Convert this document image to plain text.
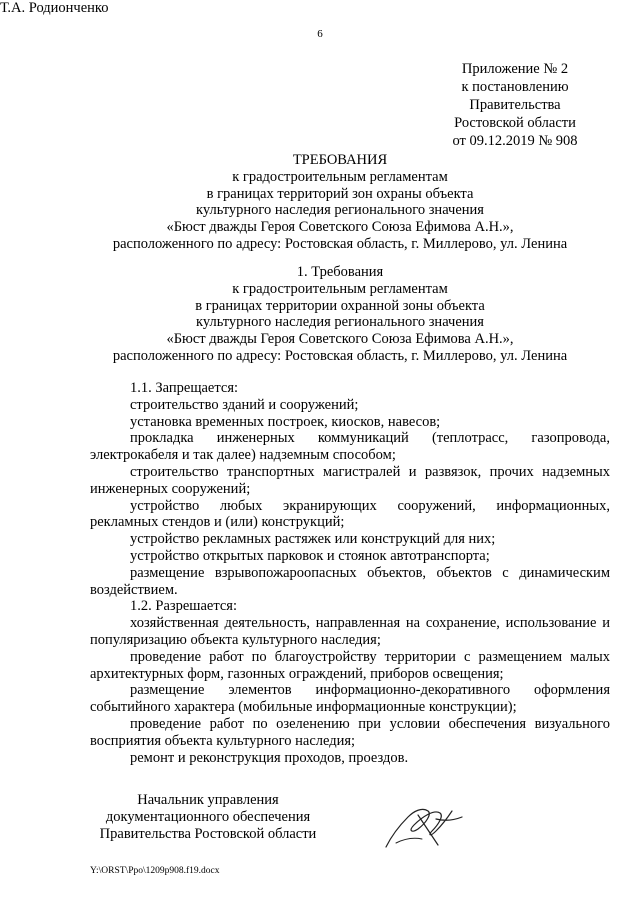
6
Приложение № 2
к постановлению
Правительства
Ростовской области
от 09.12.2019 № 908
ТРЕБОВАНИЯ
к градостроительным регламентам
в границах территорий зон охраны объекта
культурного наследия регионального значения
«Бюст дважды Героя Советского Союза Ефимова А.Н.»,
расположенного по адресу: Ростовская область, г. Миллерово, ул. Ленина
1. Требования
к градостроительным регламентам
в границах территории охранной зоны объекта
культурного наследия регионального значения
«Бюст дважды Героя Советского Союза Ефимова А.Н.»,
расположенного по адресу: Ростовская область, г. Миллерово, ул. Ленина

1.1. Запрещается:

строительство зданий и сооружений;

установка временных построек, киосков, навесов;

прокладка инженерных коммуникаций (теплотрасс, газопровода, электрокабеля и так далее) надземным способом;

строительство транспортных магистралей и развязок, прочих надземных инженерных сооружений;

устройство любых экранирующих сооружений, информационных, рекламных стендов и (или) конструкций;

устройство рекламных растяжек или конструкций для них;

устройство открытых парковок и стоянок автотранспорта;

размещение взрывопожароопасных объектов, объектов с динамическим воздействием.

1.2. Разрешается:

хозяйственная деятельность, направленная на сохранение, использование и популяризацию объекта культурного наследия;

проведение работ по благоустройству территории с размещением малых архитектурных форм, газонных ограждений, приборов освещения;

размещение элементов информационно-декоративного оформления событийного характера (мобильные информационные конструкции);

проведение работ по озеленению при условии обеспечения визуального восприятия объекта культурного наследия;

ремонт и реконструкция проходов, проездов.

Начальник управления
документационного обеспечения
Правительства Ростовской области
Т.А. Родионченко
Y:\ORST\Ppo\1209p908.f19.docx
